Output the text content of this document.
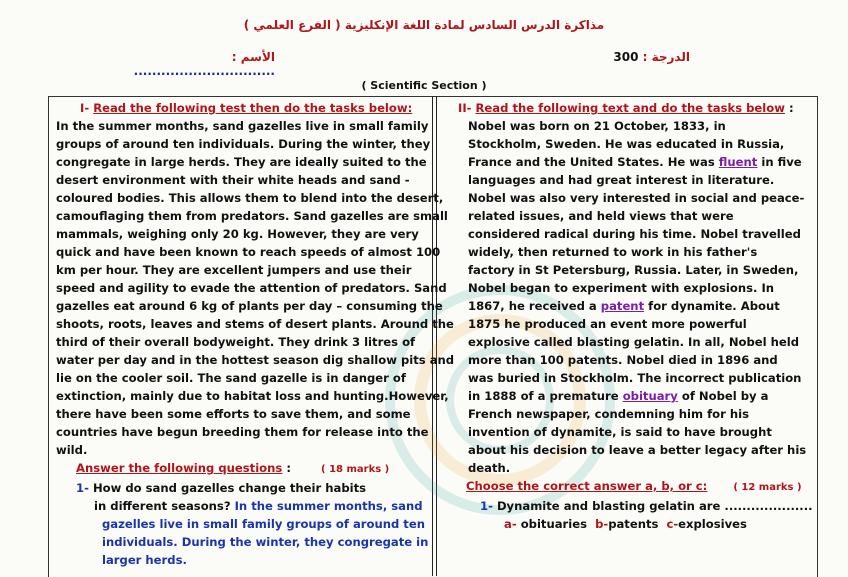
مذاكرة الدرس السادس لمادة اللغة الإنكليزية ( الفرع العلمي )
الدرجة : 300
الأسم : ...............................
( Scientific Section )
I- Read the following test then do the tasks below:
In the summer months, sand gazelles live in small family
groups of around ten individuals. During the winter, they
congregate in large herds. They are ideally suited to the
desert environment with their white heads and sand -
coloured bodies. This allows them to blend into the desert,
camouflaging them from predators. Sand gazelles are small
mammals, weighing only 20 kg. However, they are very
quick and have been known to reach speeds of almost 100
km per hour. They are excellent jumpers and use their
speed and agility to evade the attention of predators. Sand
gazelles eat around 6 kg of plants per day – consuming the
shoots, roots, leaves and stems of desert plants. Around the
third of their overall bodyweight. They drink 3 litres of
water per day and in the hottest season dig shallow pits and
lie on the cooler soil. The sand gazelle is in danger of
extinction, mainly due to habitat loss and hunting.However,
there have been some efforts to save them, and some
countries have begun breeding them for release into the
wild.
Answer the following questions :	( 18 marks )
1- How do sand gazelles change their habits
in different seasons? In the summer months, sand
gazelles live in small family groups of around ten
individuals. During the winter, they congregate in
larger herds.
II- Read the following text and do the tasks below :
Nobel was born on 21 October, 1833, in
Stockholm, Sweden. He was educated in Russia,
France and the United States. He was fluent in five
languages and had great interest in literature.
Nobel was also very interested in social and peace-
related issues, and held views that were
considered radical during his time. Nobel travelled
widely, then returned to work in his father's
factory in St Petersburg, Russia. Later, in Sweden,
Nobel began to experiment with explosions. In
1867, he received a patent for dynamite. About
1875 he produced an event more powerful
explosive called blasting gelatin. In all, Nobel held
more than 100 patents. Nobel died in 1896 and
was buried in Stockholm. The incorrect publication
in 1888 of a premature obituary of Nobel by a
French newspaper, condemning him for his
invention of dynamite, is said to have brought
about his decision to leave a better legacy after his
death.
Choose the correct answer a, b, or c:	( 12 marks )
1- Dynamite and blasting gelatin are ....................
a- obituaries b-patents c-explosives
